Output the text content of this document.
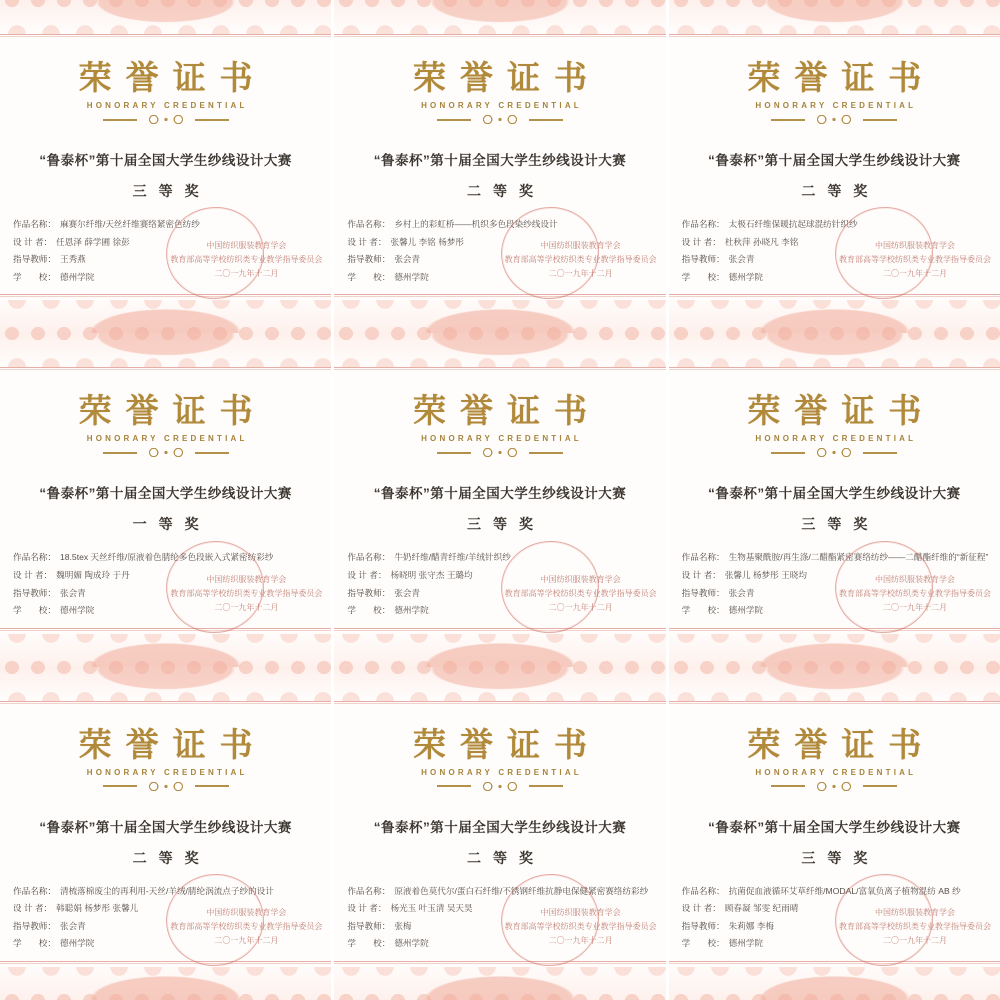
荣誉证书
HONORARY CREDENTIAL
“鲁泰杯”第十届全国大学生纱线设计大赛
三等奖
作品名称： 麻赛尔纤维/天丝纤维赛络紧密色纺纱
设 计 者： 任恩泽 薛学圃 徐彭
指导教师： 王秀燕
学　　校： 德州学院
中国纺织服装教育学会
教育部高等学校纺织类专业教学指导委员会
二〇一九年十二月
荣誉证书
HONORARY CREDENTIAL
“鲁泰杯”第十届全国大学生纱线设计大赛
二等奖
作品名称： 乡村上的彩虹桥——机织多色段染纱线设计
设 计 者： 张馨儿 李铭 杨梦彤
指导教师： 张会青
学　　校： 德州学院
中国纺织服装教育学会
教育部高等学校纺织类专业教学指导委员会
二〇一九年十二月
荣誉证书
HONORARY CREDENTIAL
“鲁泰杯”第十届全国大学生纱线设计大赛
二等奖
作品名称： 太极石纤维保暖抗起球混纺针织纱
设 计 者： 杜秋萍 孙晓凡 李铭
指导教师： 张会青
学　　校： 德州学院
中国纺织服装教育学会
教育部高等学校纺织类专业教学指导委员会
二〇一九年十二月
荣誉证书
HONORARY CREDENTIAL
“鲁泰杯”第十届全国大学生纱线设计大赛
一等奖
作品名称： 18.5tex 天丝纤维/原液着色腈纶多色段嵌入式紧密纺彩纱
设 计 者： 魏明媚 陶成玲 于丹
指导教师： 张会青
学　　校： 德州学院
中国纺织服装教育学会
教育部高等学校纺织类专业教学指导委员会
二〇一九年十二月
荣誉证书
HONORARY CREDENTIAL
“鲁泰杯”第十届全国大学生纱线设计大赛
三等奖
作品名称： 牛奶纤维/醋青纤维/羊绒针织纱
设 计 者： 杨晓明 张守杰 王璐均
指导教师： 张会青
学　　校： 德州学院
中国纺织服装教育学会
教育部高等学校纺织类专业教学指导委员会
二〇一九年十二月
荣誉证书
HONORARY CREDENTIAL
“鲁泰杯”第十届全国大学生纱线设计大赛
三等奖
作品名称： 生物基聚酰胺/再生涤/二醋酯紧密赛络纺纱——二醋酯纤维的“新征程”
设 计 者： 张馨儿 杨梦彤 王晓均
指导教师： 张会青
学　　校： 德州学院
中国纺织服装教育学会
教育部高等学校纺织类专业教学指导委员会
二〇一九年十二月
荣誉证书
HONORARY CREDENTIAL
“鲁泰杯”第十届全国大学生纱线设计大赛
二等奖
作品名称： 清梳落棉废尘的再利用-天丝/羊绒/腈纶涡流点子纱的设计
设 计 者： 韩聪娟 杨梦彤 张馨儿
指导教师： 张会青
学　　校： 德州学院
中国纺织服装教育学会
教育部高等学校纺织类专业教学指导委员会
二〇一九年十二月
荣誉证书
HONORARY CREDENTIAL
“鲁泰杯”第十届全国大学生纱线设计大赛
二等奖
作品名称： 原液着色莫代尔/蛋白石纤维/不锈钢纤维抗静电保健紧密赛络纺彩纱
设 计 者： 杨光玉 叶玉清 吴天昊
指导教师： 张梅
学　　校： 德州学院
中国纺织服装教育学会
教育部高等学校纺织类专业教学指导委员会
二〇一九年十二月
荣誉证书
HONORARY CREDENTIAL
“鲁泰杯”第十届全国大学生纱线设计大赛
三等奖
作品名称： 抗菌促血液循环艾草纤维/MODAL/富氧负离子植物混纺 AB 纱
设 计 者： 顾春凝 邹雯 纪雨晴
指导教师： 朱莉娜 李梅
学　　校： 德州学院
中国纺织服装教育学会
教育部高等学校纺织类专业教学指导委员会
二〇一九年十二月
